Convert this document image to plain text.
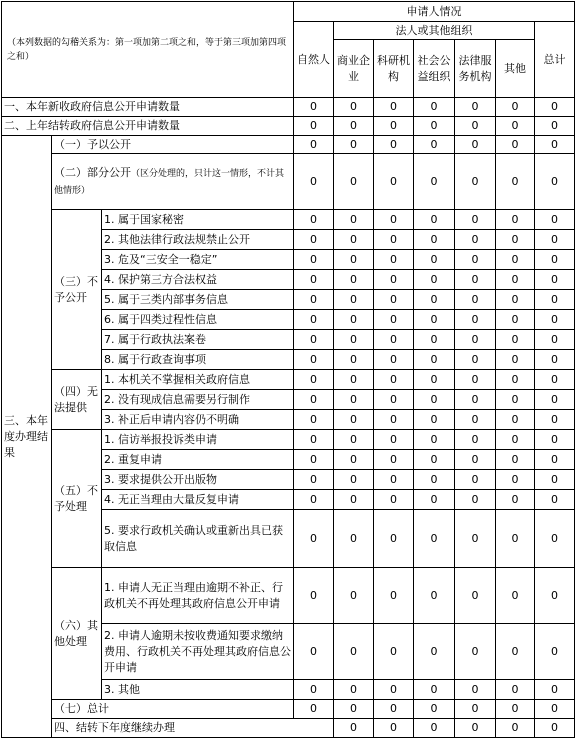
（本列数据的勾稽关系为：第一项加第二项之和，等于第三项加第四项之和）			申请人情况							
			自然人	法人或其他组织					总计	
				商业企业	科研机构	社会公益组织	法律服务机构	其他		

一、本年新收政府信息公开申请数量			0	0	0	0	0	0	0	
二、上年结转政府信息公开申请数量			0	0	0	0	0	0	0	
三、本年度办理结果	（一）予以公开		0	0	0	0	0	0	0	
	（二）部分公开（区分处理的，只计这一情形，不计其他情形）		0	0	0	0	0	0	0	
	（三）不予公开	1. 属于国家秘密	0	0	0	0	0	0	0	
		2. 其他法律行政法规禁止公开	0	0	0	0	0	0	0	
		3. 危及“三安全一稳定”	0	0	0	0	0	0	0	
		4. 保护第三方合法权益	0	0	0	0	0	0	0	
		5. 属于三类内部事务信息	0	0	0	0	0	0	0	
		6. 属于四类过程性信息	0	0	0	0	0	0	0	
		7. 属于行政执法案卷	0	0	0	0	0	0	0	
		8. 属于行政查询事项	0	0	0	0	0	0	0	
	（四）无法提供	1. 本机关不掌握相关政府信息	0	0	0	0	0	0	0	
		2. 没有现成信息需要另行制作	0	0	0	0	0	0	0	
		3. 补正后申请内容仍不明确	0	0	0	0	0	0	0	
	（五）不予处理	1. 信访举报投诉类申请	0	0	0	0	0	0	0	
		2. 重复申请	0	0	0	0	0	0	0	
		3. 要求提供公开出版物	0	0	0	0	0	0	0	
		4. 无正当理由大量反复申请	0	0	0	0	0	0	0	
		5. 要求行政机关确认或重新出具已获取信息	0	0	0	0	0	0	0	
	（六）其他处理	1. 申请人无正当理由逾期不补正、行政机关不再处理其政府信息公开申请	0	0	0	0	0	0	0	
		2. 申请人逾期未按收费通知要求缴纳费用、行政机关不再处理其政府信息公开申请	0	0	0	0	0	0	0	
		3. 其他	0	0	0	0	0	0	0	
	（七）总计		0	0	0	0	0	0	0	
	四、结转下年度继续办理			0	0	0	0	0	0	
